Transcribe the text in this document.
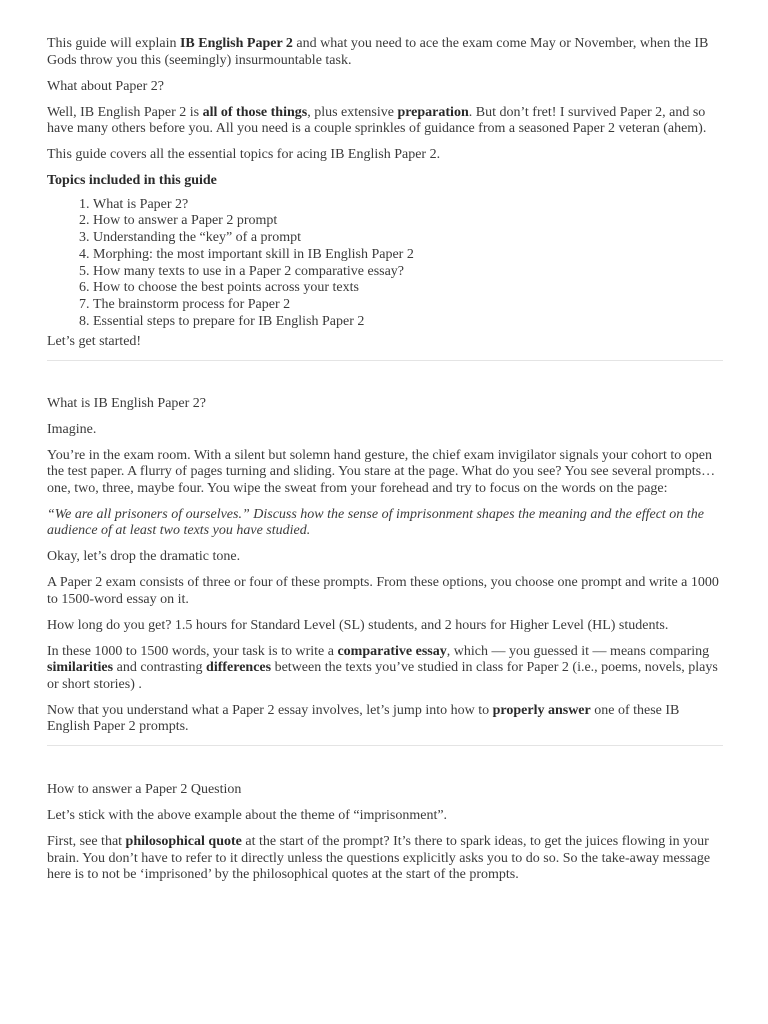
This guide will explain IB English Paper 2 and what you need to ace the exam come May or November, when the IB Gods throw you this (seemingly) insurmountable task.

What about Paper 2?

Well, IB English Paper 2 is all of those things, plus extensive preparation. But don’t fret! I survived Paper 2, and so have many others before you. All you need is a couple sprinkles of guidance from a seasoned Paper 2 veteran (ahem).

This guide covers all the essential topics for acing IB English Paper 2.

Topics included in this guide

1. What is Paper 2?
2. How to answer a Paper 2 prompt
3. Understanding the “key” of a prompt
4. Morphing: the most important skill in IB English Paper 2
5. How many texts to use in a Paper 2 comparative essay?
6. How to choose the best points across your texts
7. The brainstorm process for Paper 2
8. Essential steps to prepare for IB English Paper 2

Let’s get started!

What is IB English Paper 2?

Imagine.

You’re in the exam room. With a silent but solemn hand gesture, the chief exam invigilator signals your cohort to open the test paper. A flurry of pages turning and sliding. You stare at the page. What do you see? You see several prompts… one, two, three, maybe four. You wipe the sweat from your forehead and try to focus on the words on the page:

“We are all prisoners of ourselves.” Discuss how the sense of imprisonment shapes the meaning and the effect on the audience of at least two texts you have studied.

Okay, let’s drop the dramatic tone.

A Paper 2 exam consists of three or four of these prompts. From these options, you choose one prompt and write a 1000 to 1500-word essay on it.

How long do you get? 1.5 hours for Standard Level (SL) students, and 2 hours for Higher Level (HL) students.

In these 1000 to 1500 words, your task is to write a comparative essay, which — you guessed it — means comparing similarities and contrasting differences between the texts you’ve studied in class for Paper 2 (i.e., poems, novels, plays or short stories) .

Now that you understand what a Paper 2 essay involves, let’s jump into how to properly answer one of these IB English Paper 2 prompts.

How to answer a Paper 2 Question

Let’s stick with the above example about the theme of “imprisonment”.

First, see that philosophical quote at the start of the prompt? It’s there to spark ideas, to get the juices flowing in your brain. You don’t have to refer to it directly unless the questions explicitly asks you to do so. So the take-away message here is to not be ‘imprisoned’ by the philosophical quotes at the start of the prompts.
